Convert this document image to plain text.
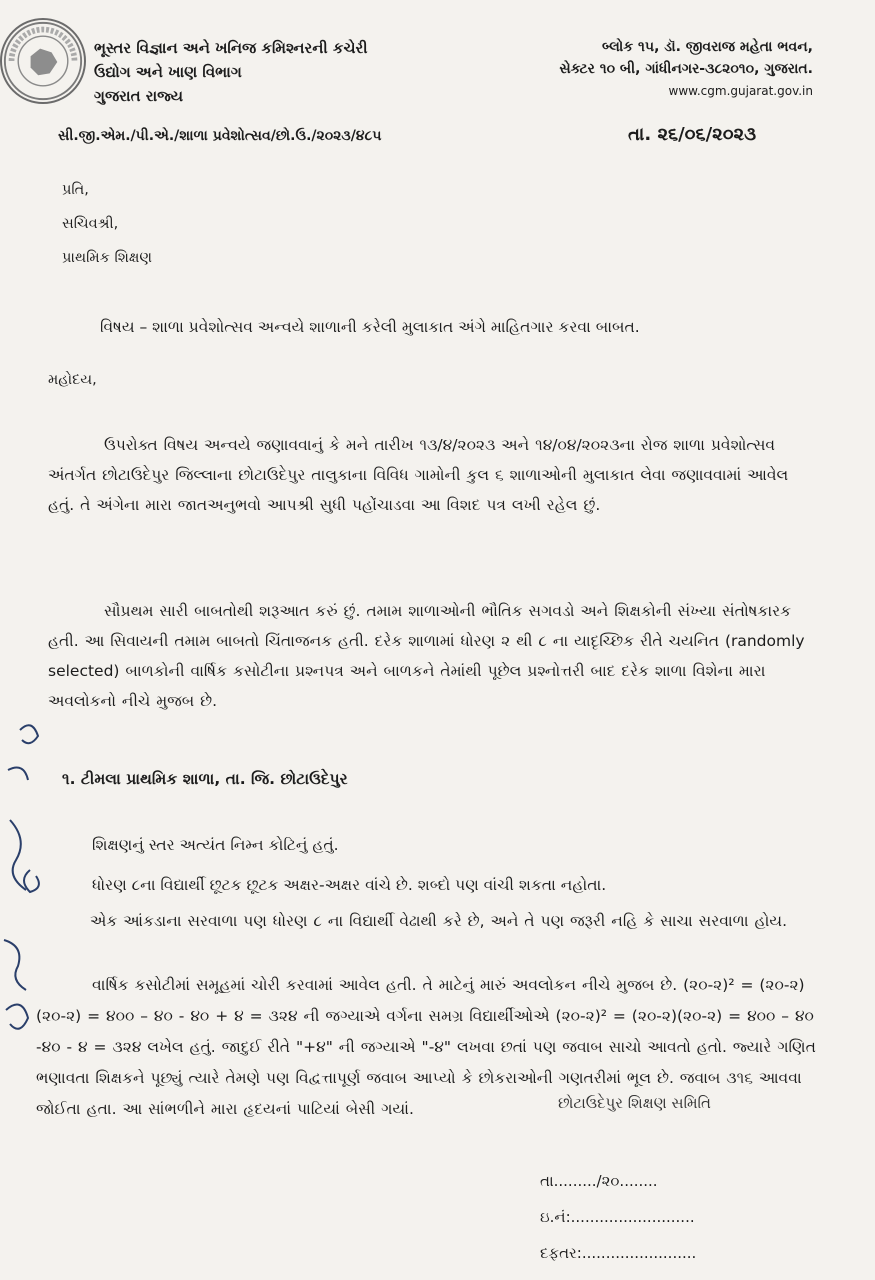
ભૂસ્તર વિજ્ઞાન અને ખનિજ કમિશ્નરની કચેરી
ઉદ્યોગ અને ખાણ વિભાગ
ગુજરાત રાજ્ય
બ્લોક ૧૫, ડૉ. જીવરાજ મહેતા ભવન,
સેક્ટર ૧૦ બી, ગાંધીનગર-૩૮૨૦૧૦, ગુજરાત.
www.cgm.gujarat.gov.in
સી.જી.એમ./પી.એ./શાળા પ્રવેશોત્સવ/છો.ઉ./૨૦૨૩/૪૮૫	તા. ૨૬/૦૬/૨૦૨૩
પ્રતિ,
સચિવશ્રી,
પ્રાથમિક શિક્ષણ
વિષય – શાળા પ્રવેશોત્સવ અન્વયે શાળાની કરેલી મુલાકાત અંગે માહિતગાર કરવા બાબત.
મહોદય,

ઉપરોક્ત વિષય અન્વયે જણાવવાનું કે મને તારીખ ૧૩/૪/૨૦૨૩ અને ૧૪/૦૪/૨૦૨૩ના રોજ શાળા પ્રવેશોત્સવ અંતર્ગત છોટાઉદેપુર જિલ્લાના છોટાઉદેપુર તાલુકાના વિવિધ ગામોની કુલ ૬ શાળાઓની મુલાકાત લેવા જણાવવામાં આવેલ હતું. તે અંગેના મારા જાતઅનુભવો આપશ્રી સુધી પહોંચાડવા આ વિશદ પત્ર લખી રહેલ છું.

સૌપ્રથમ સારી બાબતોથી શરૂઆત કરું છું. તમામ શાળાઓની ભૌતિક સગવડો અને શિક્ષકોની સંખ્યા સંતોષકારક હતી. આ સિવાયની તમામ બાબતો ચિંતાજનક હતી. દરેક શાળામાં ધોરણ ૨ થી ૮ ના યાદૃચ્છિક રીતે ચયનિત (randomly selected) બાળકોની વાર્ષિક કસોટીના પ્રશ્નપત્ર અને બાળકને તેમાંથી પૂછેલ પ્રશ્નોત્તરી બાદ દરેક શાળા વિશેના મારા અવલોકનો નીચે મુજબ છે.

૧. ટીમલા પ્રાથમિક શાળા, તા. જિ. છોટાઉદેપુર
શિક્ષણનું સ્તર અત્યંત નિમ્ન કોટિનું હતું.
ધોરણ ૮ના વિદ્યાર્થી છૂટક છૂટક અક્ષર-અક્ષર વાંચે છે. શબ્દો પણ વાંચી શકતા નહોતા.

એક આંકડાના સરવાળા પણ ધોરણ ૮ ના વિદ્યાર્થી વેઢાથી કરે છે, અને તે પણ જરૂરી નહિ કે સાચા સરવાળા હોય.

વાર્ષિક કસોટીમાં સમૂહમાં ચોરી કરવામાં આવેલ હતી. તે માટેનું મારું અવલોકન નીચે મુજબ છે. (૨૦-૨)² = (૨૦-૨)(૨૦-૨) = ૪૦૦ – ૪૦ - ૪૦ + ૪ = ૩૨૪ ની જગ્યાએ વર્ગના સમગ્ર વિદ્યાર્થીઓએ (૨૦-૨)² = (૨૦-૨)(૨૦-૨) = ૪૦૦ – ૪૦ -૪૦ - ૪ = ૩૨૪ લખેલ હતું. જાદુઈ રીતે "+૪" ની જગ્યાએ "-૪" લખવા છતાં પણ જવાબ સાચો આવતો હતો. જ્યારે ગણિત ભણાવતા શિક્ષકને પૂછ્યું ત્યારે તેમણે પણ વિદ્વત્તાપૂર્ણ જવાબ આપ્યો કે છોકરાઓની ગણતરીમાં ભૂલ છે. જવાબ ૩૧૬ આવવા જોઈતા હતા. આ સાંભળીને મારા હૃદયનાં પાટિયાં બેસી ગયાં.	છોટાઉદેપુર શિક્ષણ સમિતિ
તા........./૨૦........
ઇ.નં:..........................
દફતર:........................
